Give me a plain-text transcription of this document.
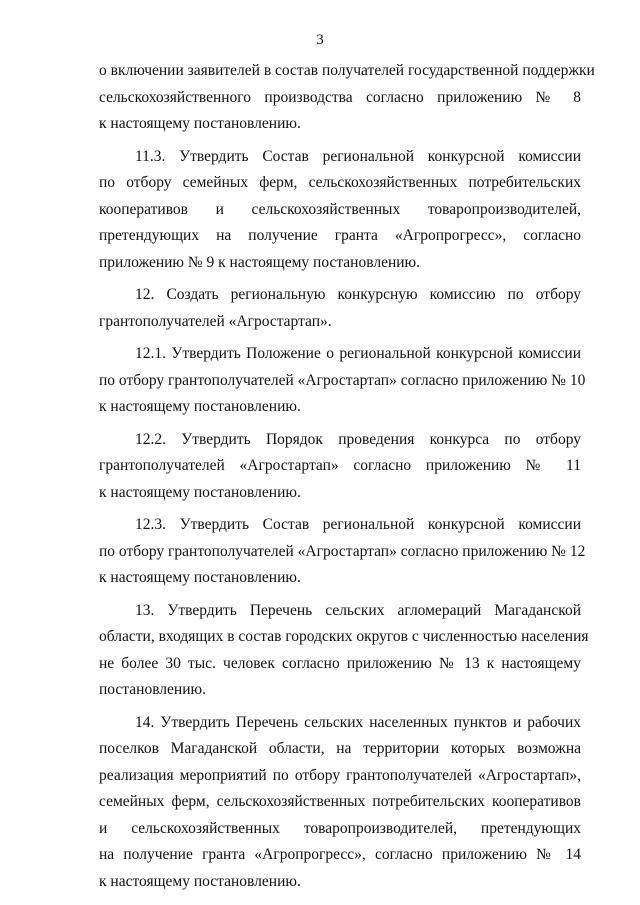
3
о включении заявителей в состав получателей государственной поддержки
сельскохозяйственного производства согласно приложению № 8
к настоящему постановлению.
11.3. Утвердить Состав региональной конкурсной комиссии
по отбору семейных ферм, сельскохозяйственных потребительских
кооперативов и сельскохозяйственных товаропроизводителей,
претендующих на получение гранта «Агропрогресс», согласно
приложению № 9 к настоящему постановлению.
12. Создать региональную конкурсную комиссию по отбору
грантополучателей «Агростартап».
12.1. Утвердить Положение о региональной конкурсной комиссии
по отбору грантополучателей «Агростартап» согласно приложению № 10
к настоящему постановлению.
12.2. Утвердить Порядок проведения конкурса по отбору
грантополучателей «Агростартап» согласно приложению № 11
к настоящему постановлению.
12.3. Утвердить Состав региональной конкурсной комиссии
по отбору грантополучателей «Агростартап» согласно приложению № 12
к настоящему постановлению.
13. Утвердить Перечень сельских агломераций Магаданской
области, входящих в состав городских округов с численностью населения
не более 30 тыс. человек согласно приложению № 13 к настоящему
постановлению.
14. Утвердить Перечень сельских населенных пунктов и рабочих
поселков Магаданской области, на территории которых возможна
реализация мероприятий по отбору грантополучателей «Агростартап»,
семейных ферм, сельскохозяйственных потребительских кооперативов
и сельскохозяйственных товаропроизводителей, претендующих
на получение гранта «Агропрогресс», согласно приложению № 14
к настоящему постановлению.
